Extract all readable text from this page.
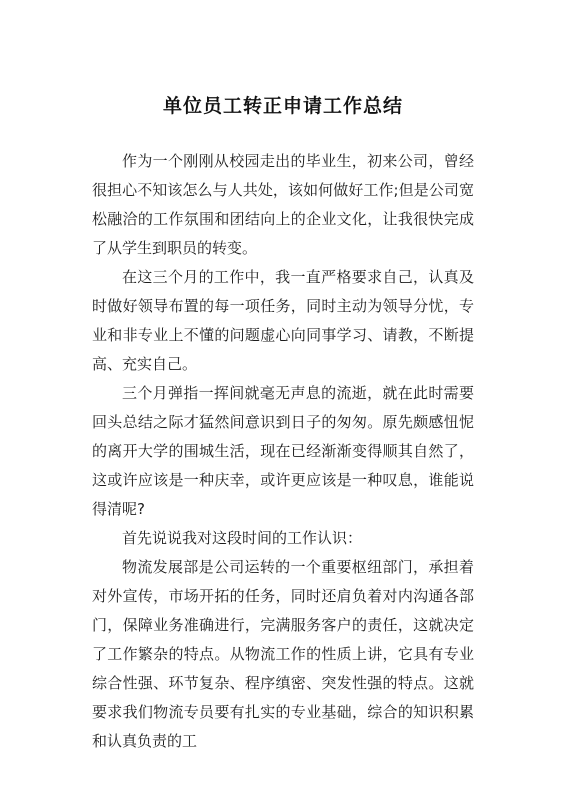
单位员工转正申请工作总结

作为一个刚刚从校园走出的毕业生，初来公司，曾经很担心不知该怎么与人共处，该如何做好工作;但是公司宽松融洽的工作氛围和团结向上的企业文化，让我很快完成了从学生到职员的转变。

在这三个月的工作中，我一直严格要求自己，认真及时做好领导布置的每一项任务，同时主动为领导分忧，专业和非专业上不懂的问题虚心向同事学习、请教，不断提高、充实自己。

三个月弹指一挥间就毫无声息的流逝，就在此时需要回头总结之际才猛然间意识到日子的匆匆。原先颇感忸怩的离开大学的围城生活，现在已经渐渐变得顺其自然了，这或许应该是一种庆幸，或许更应该是一种叹息，谁能说得清呢?

首先说说我对这段时间的工作认识：

物流发展部是公司运转的一个重要枢纽部门，承担着对外宣传，市场开拓的任务，同时还肩负着对内沟通各部门，保障业务准确进行，完满服务客户的责任，这就决定了工作繁杂的特点。从物流工作的性质上讲，它具有专业综合性强、环节复杂、程序缜密、突发性强的特点。这就要求我们物流专员要有扎实的专业基础，综合的知识积累和认真负责的工
